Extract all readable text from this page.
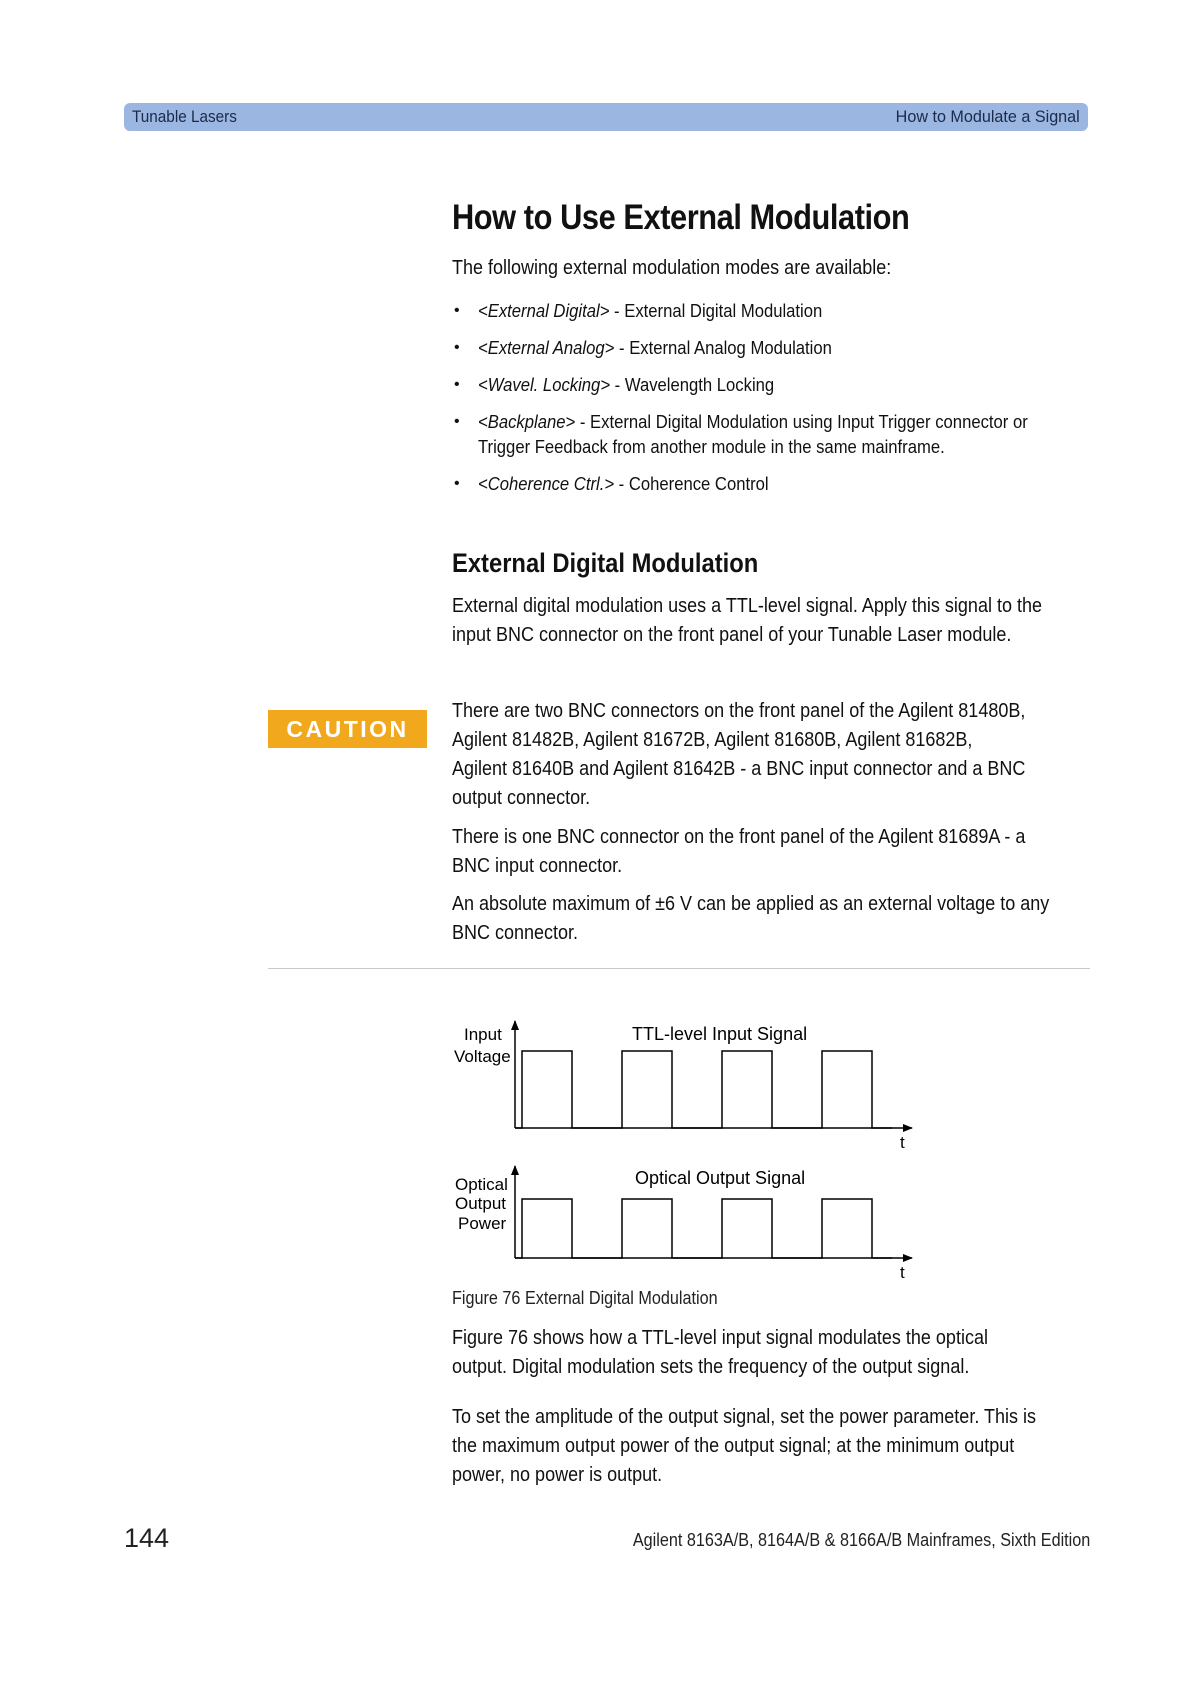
Tunable Lasers	How to Modulate a Signal
How to Use External Modulation
The following external modulation modes are available:
• <External Digital> - External Digital Modulation
• <External Analog> - External Analog Modulation
• <Wavel. Locking> - Wavelength Locking
• <Backplane> - External Digital Modulation using Input Trigger connector or
Trigger Feedback from another module in the same mainframe.
• <Coherence Ctrl.> - Coherence Control
External Digital Modulation
External digital modulation uses a TTL-level signal. Apply this signal to the
input BNC connector on the front panel of your Tunable Laser module.
CAUTION
There are two BNC connectors on the front panel of the Agilent 81480B,
Agilent 81482B, Agilent 81672B, Agilent 81680B, Agilent 81682B,
Agilent 81640B and Agilent 81642B - a BNC input connector and a BNC
output connector.
There is one BNC connector on the front panel of the Agilent 81689A - a
BNC input connector.
An absolute maximum of ±6 V can be applied as an external voltage to any
BNC connector.
Input
Voltage
TTL-level Input Signal
t
Optical
Output
Power
Optical Output Signal
t
Figure 76 External Digital Modulation
Figure 76 shows how a TTL-level input signal modulates the optical
output. Digital modulation sets the frequency of the output signal.
To set the amplitude of the output signal, set the power parameter. This is
the maximum output power of the output signal; at the minimum output
power, no power is output.
144	Agilent 8163A/B, 8164A/B & 8166A/B Mainframes, Sixth Edition
